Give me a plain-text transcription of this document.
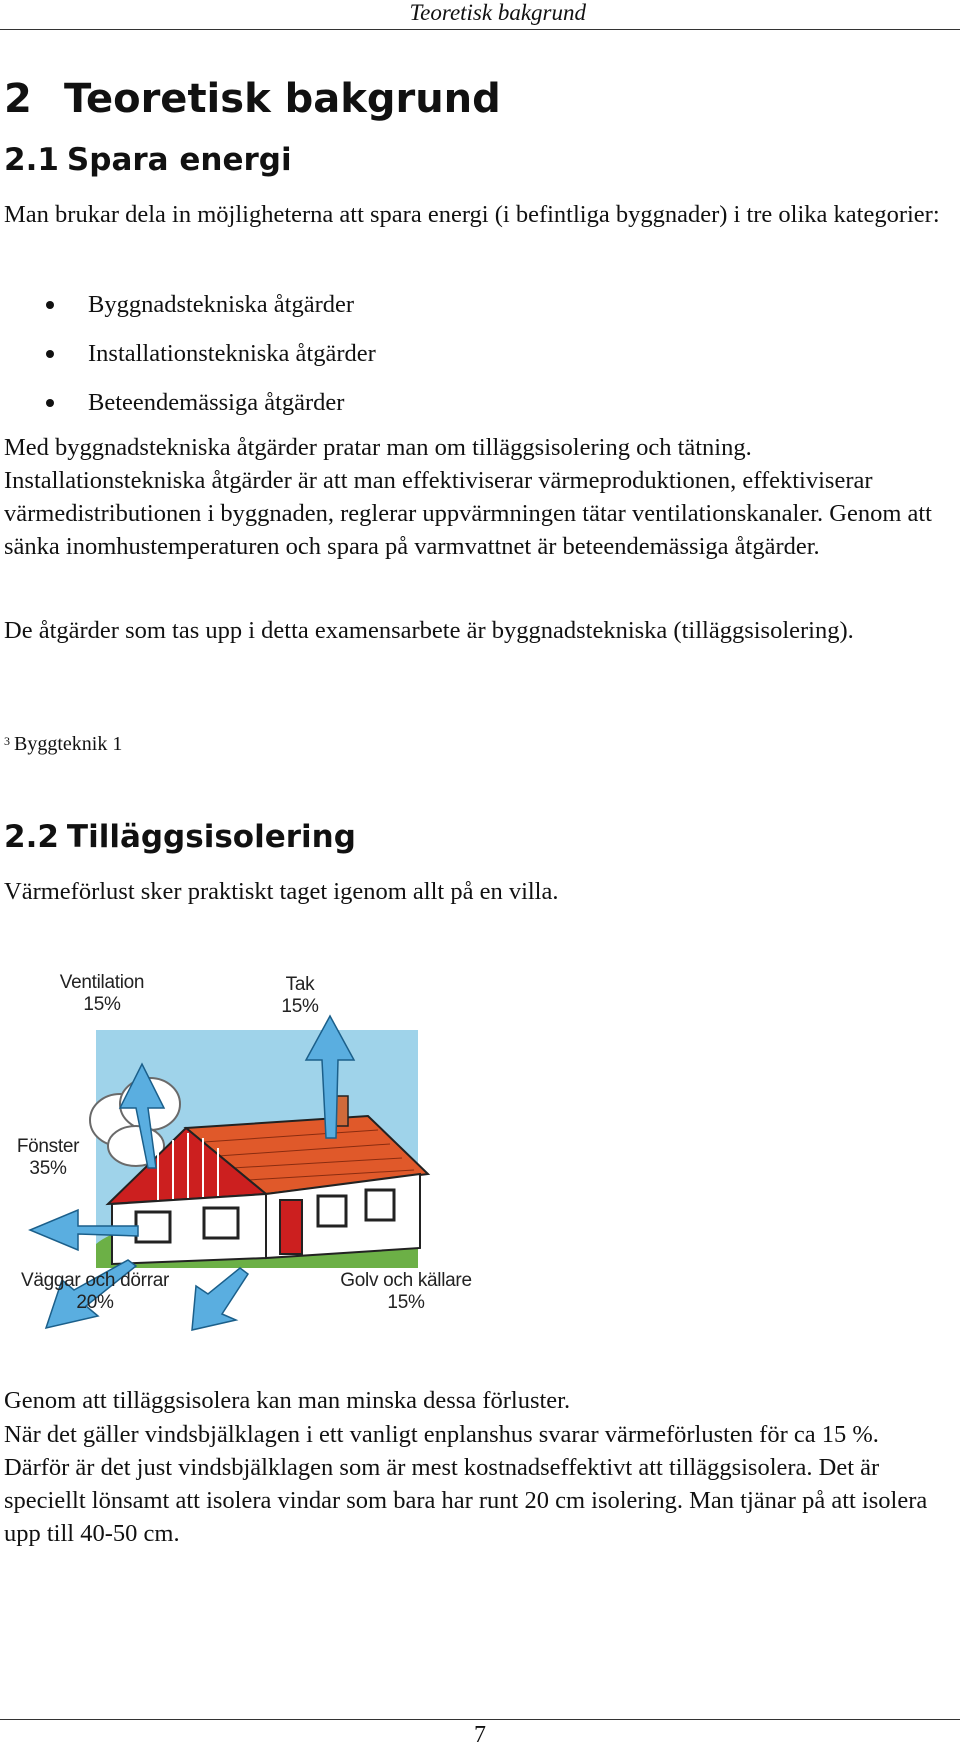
Teoretisk bakgrund
2 Teoretisk bakgrund
2.1 Spara energi

Man brukar dela in möjligheterna att spara energi (i befintliga byggnader) i tre olika kategorier:

Byggnadstekniska åtgärder
Installationstekniska åtgärder
Beteendemässiga åtgärder

Med byggnadstekniska åtgärder pratar man om tilläggsisolering och tätning. Installationstekniska åtgärder är att man effektiviserar värmeproduktionen, effektiviserar värmedistributionen i byggnaden, reglerar uppvärmningen tätar ventilationskanaler. Genom att sänka inomhustemperaturen och spara på varmvattnet är beteendemässiga åtgärder.

De åtgärder som tas upp i detta examensarbete är byggnadstekniska (tilläggsisolering).

$^3$ Byggteknik 1
2.2 Tilläggsisolering

Värmeförlust sker praktiskt taget igenom allt på en villa.

Ventilation
15%
Tak
15%
Fönster
35%
Väggar och dörrar
20%
Golv och källare
15%

Genom att tilläggsisolera kan man minska dessa förluster.

När det gäller vindsbjälklagen i ett vanligt enplanshus svarar värmeförlusten för ca 15 %. Därför är det just vindsbjälklagen som är mest kostnadseffektivt att tilläggsisolera. Det är speciellt lönsamt att isolera vindar som bara har runt 20 cm isolering. Man tjänar på att isolera upp till 40-50 cm.

7
